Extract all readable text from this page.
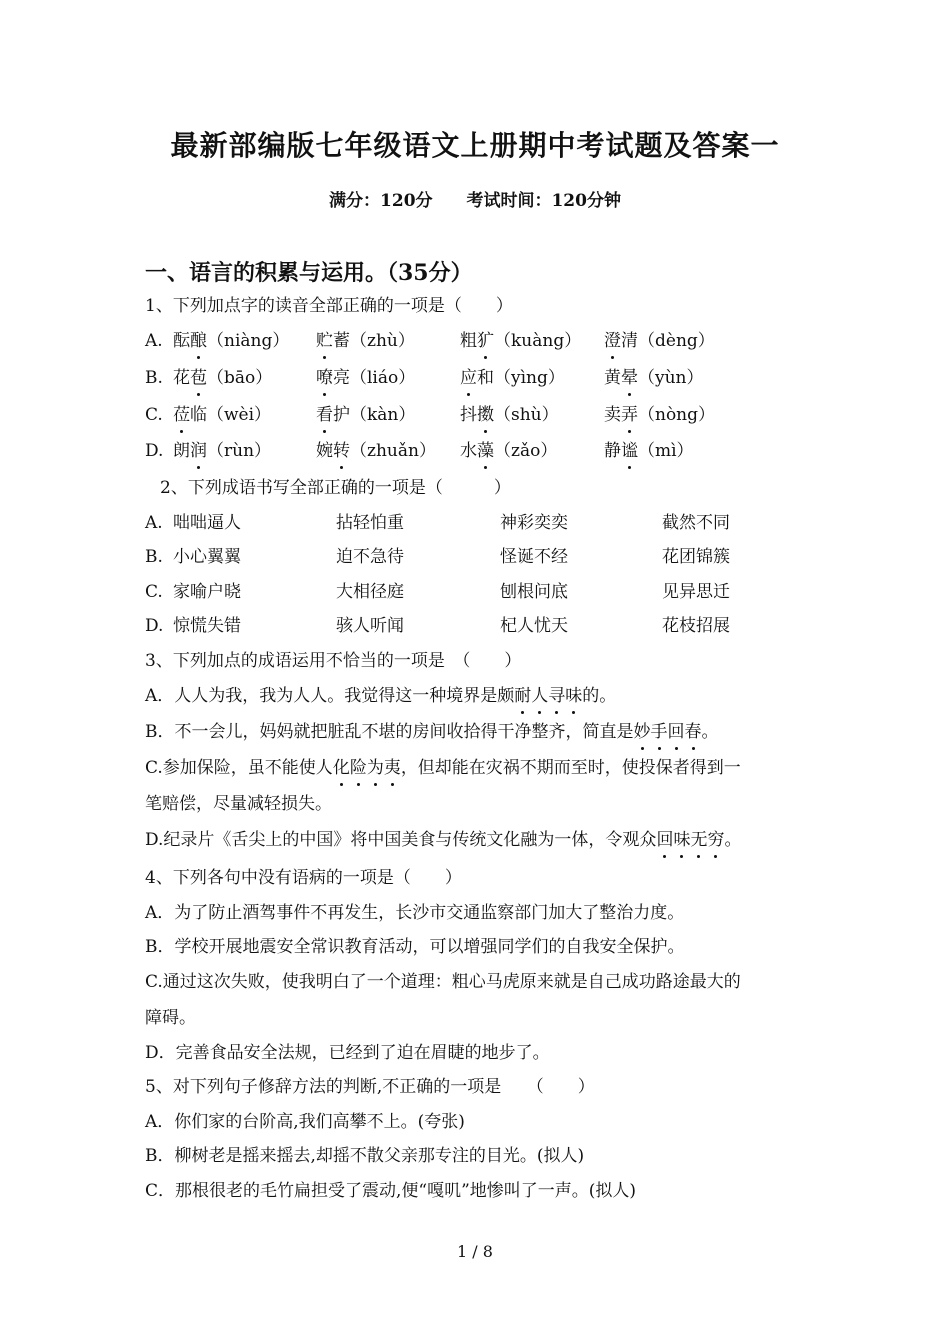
最新部编版七年级语文上册期中考试题及答案一
满分：120分 考试时间：120分钟
一、语言的积累与运用。（35分）
1、下列加点字的读音全部正确的一项是（　　）
A. 酝酿（niàng） 贮蓄（zhù）	粗犷（kuàng） 澄清（dèng）
B. 花苞（bāo）	嘹亮（liáo）	应和（yìng） 黄晕（yùn）
C. 莅临（wèi）	看护（kàn）	抖擞（shù）	卖弄（nòng）
D. 朗润（rùn）	婉转（zhuǎn） 水藻（zǎo）	静谧（mì）
2、下列成语书写全部正确的一项是（　　　）
A. 咄咄逼人	拈轻怕重	神彩奕奕	截然不同
B. 小心翼翼	迫不急待	怪诞不经	花团锦簇
C. 家喻户晓	大相径庭	刨根问底	见异思迁
D. 惊慌失错	骇人听闻	杞人忧天	花枝招展
3、下列加点的成语运用不恰当的一项是　（　　）
A．人人为我，我为人人。我觉得这一种境界是颇耐人寻味的。
B．不一会儿，妈妈就把脏乱不堪的房间收拾得干净整齐，简直是妙手回春。
C.参加保险，虽不能使人化险为夷，但却能在灾祸不期而至时，使投保者得到一
笔赔偿，尽量减轻损失。
D.纪录片《舌尖上的中国》将中国美食与传统文化融为一体，令观众回味无穷。
4、下列各句中没有语病的一项是（　　）
A．为了防止酒驾事件不再发生，长沙市交通监察部门加大了整治力度。
B．学校开展地震安全常识教育活动，可以增强同学们的自我安全保护。
C.通过这次失败，使我明白了一个道理：粗心马虎原来就是自己成功路途最大的
障碍。
D．完善食品安全法规，已经到了迫在眉睫的地步了。
5、对下列句子修辞方法的判断,不正确的一项是　　（　　）
A．你们家的台阶高,我们高攀不上。(夸张)
B．柳树老是摇来摇去,却摇不散父亲那专注的目光。(拟人)
C．那根很老的毛竹扁担受了震动,便“嘎叽”地惨叫了一声。(拟人)
1 / 8
